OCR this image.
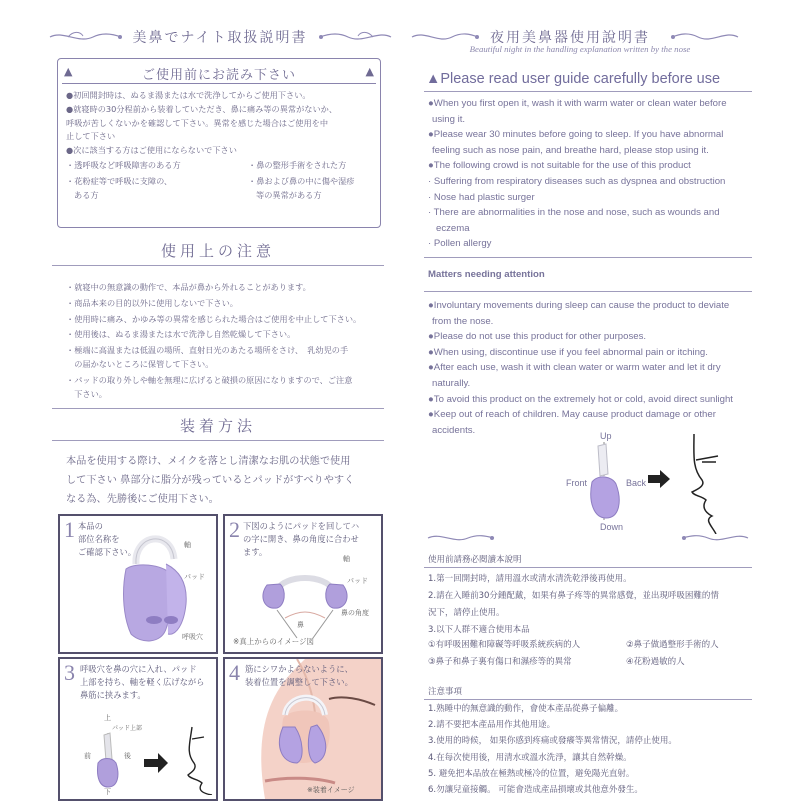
美鼻でナイト取扱説明書
▲	▲
ご使用前にお読み下さい
●初回開封時は、ぬるま湯または水で洗浄してからご使用下さい。
●就寝時の30分程前から装着していただき、鼻に痛み等の異常がないか、
呼吸が苦しくないかを確認して下さい。異常を感じた場合はご使用を中
止して下さい
●次に該当する方はご使用にならないで下さい
・透呼吸など呼吸障害のある方
・花粉症等で呼吸に支障の、
ある方
・鼻の整形手術をされた方
・鼻および鼻の中に傷や湿疹
等の異常がある方
使用上の注意
・就寝中の無意識の動作で、本品が鼻から外れることがあります。
・商品本来の目的以外に使用しないで下さい。
・使用時に痛み、かゆみ等の異常を感じられた場合はご使用を中止して下さい。
・使用後は、ぬるま湯または水で洗浄し自然乾燥して下さい。
・極端に高温または低温の場所、直射日光のあたる場所をさけ、　乳幼児の手
　の届かないところに保管して下さい。
・パッドの取り外しや軸を無理に広げると破損の原因になりますので、ご注意
　下さい。
装着方法
本品を使用する際け、メイクを落とし清潔なお肌の状態で使用
して下さい 鼻部分に脂分が残っているとパッドがすべりやすく
なる為、先勝後にご使用下さい。
1 本品の
部位名称を
ご確認下さい。
軸
パッド
呼吸穴
2 下図のようにパッドを回してハ
の字に開き、鼻の角度に合わせ
ます。
軸
パッド
鼻
鼻の角度
※真上からのイメージ図
3 呼吸穴を鼻の穴に入れ、パッド
上部を持ち、軸を軽く広げながら
鼻筋に挟みます。
上
パッド上部
前	後
下
4 筋にシワかよらないように、
装着位置を調整して下さい。
※装着イメージ
夜用美鼻器使用說明書
Beautiful night in the handling explanation written by the nose
▲Please read user guide carefully before use
●When you first open it, wash it with warm water or clean water before
using it.
●Please wear 30 minutes before going to sleep. If you have abnormal
feeling such as nose pain, and breathe hard, please stop using it.
●The following crowd is not suitable for the use of this product
· Suffering from respiratory diseases such as dyspnea and obstruction
· Nose had plastic surger
· There are abnormalities in the nose and nose, such as wounds and
eczema
· Pollen allergy
Matters needing attention
●Involuntary movements during sleep can cause the product to deviate
from the nose.
●Please do not use this product for other purposes.
●When using, discontinue use if you feel abnormal pain or itching.
●After each use, wash it with clean water or warm water and let it dry
naturally.
●To avoid this product on the extremely hot or cold, avoid direct sunlight
●Keep out of reach of children. May cause product damage or other
accidents.
Up
Front	Back
Down
使用前請務必閱讀本說明
1.第一回開封時，請用溫水或清水清洗乾淨後再使用。
2.請在入睡前30分鍾配戴，如果有鼻子疼等的異常感覺，並出現呼吸困難的情
況下，請停止使用。
3.以下人群不適合使用本品
①有呼吸困難和障礙等呼吸系統疾病的人	②鼻子做過整形手術的人
③鼻子和鼻子裏有傷口和濕疹等的異常	④花粉過敏的人
注意事項
1.熟睡中的無意識的動作，會使本產品從鼻子偏離。
2.請不要把本產品用作其他用途。
3.使用的時候， 如果你感到疼痛或發癢等異常情況，請停止使用。
4.在每次使用後，用清水或溫水洗淨，讓其自然幹燥。
5. 避免把本品放在極熱或極冷的位置，避免陽光直射。
6.勿讓兒童接觸。 可能會造成產品損壞或其他意外發生。
